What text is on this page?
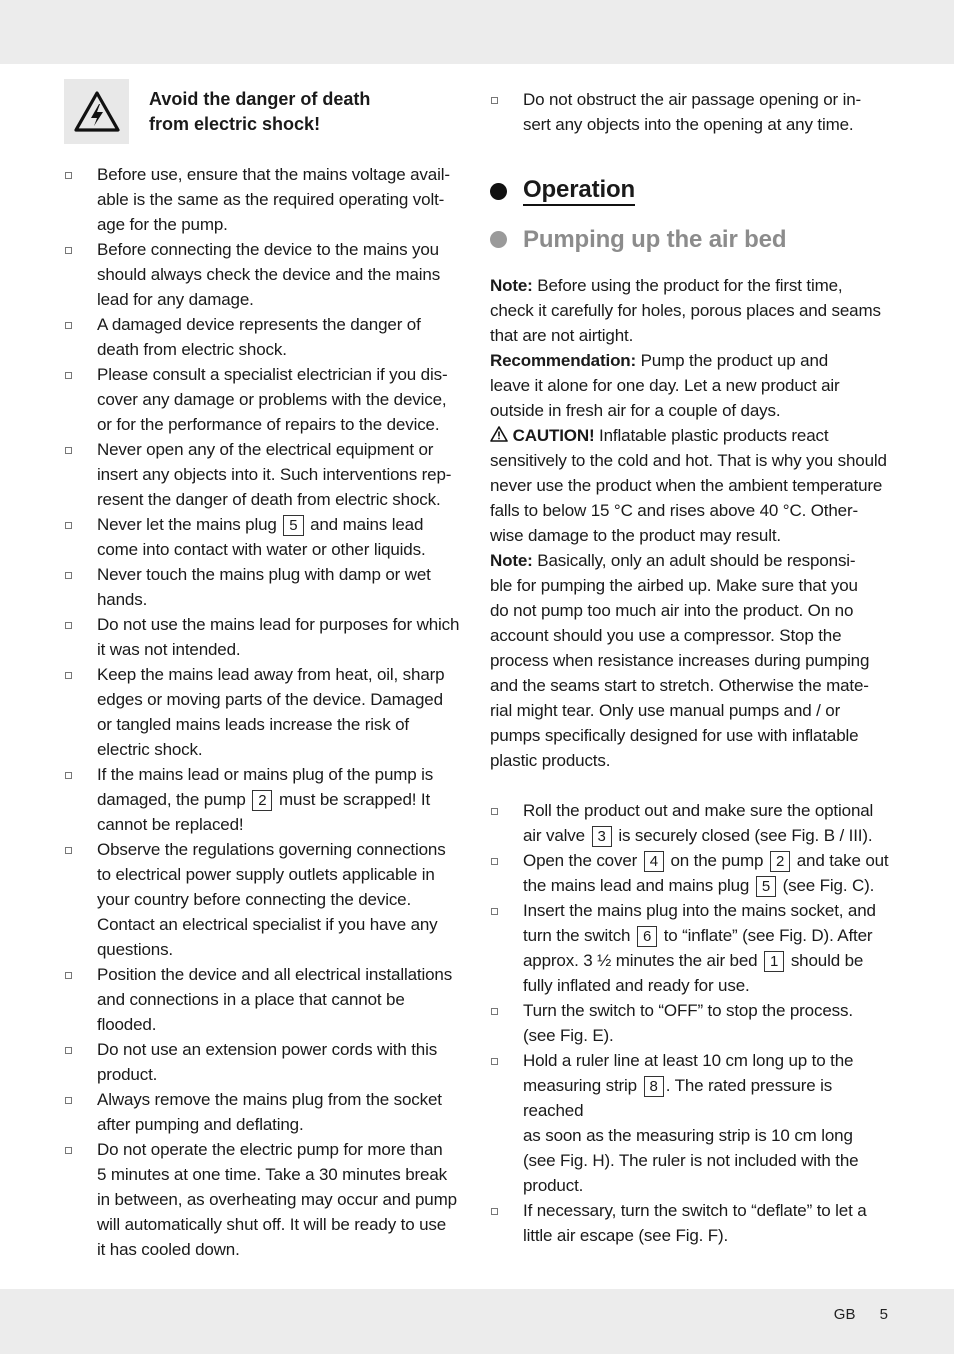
Avoid the danger of death
from electric shock!
Before use, ensure that the mains voltage avail-
able is the same as the required operating volt-
age for the pump.
Before connecting the device to the mains you
should always check the device and the mains
lead for any damage.
A damaged device represents the danger of
death from electric shock.
Please consult a specialist electrician if you dis-
cover any damage or problems with the device,
or for the performance of repairs to the device.
Never open any of the electrical equipment or
insert any objects into it. Such interventions rep-
resent the danger of death from electric shock.
Never let the mains plug 5 and mains lead
come into contact with water or other liquids.
Never touch the mains plug with damp or wet
hands.
Do not use the mains lead for purposes for which
it was not intended.
Keep the mains lead away from heat, oil, sharp
edges or moving parts of the device. Damaged
or tangled mains leads increase the risk of
electric shock.
If the mains lead or mains plug of the pump is
damaged, the pump 2 must be scrapped! It
cannot be replaced!
Observe the regulations governing connections
to electrical power supply outlets applicable in
your country before connecting the device.
Contact an electrical specialist if you have any
questions.
Position the device and all electrical installations
and connections in a place that cannot be
flooded.
Do not use an extension power cords with this
product.
Always remove the mains plug from the socket
after pumping and deflating.
Do not operate the electric pump for more than
5 minutes at one time. Take a 30 minutes break
in between, as overheating may occur and pump
will automatically shut off. It will be ready to use
it has cooled down.
Do not obstruct the air passage opening or in-
sert any objects into the opening at any time.
Operation
Pumping up the air bed

Note: Before using the product for the first time,
check it carefully for holes, porous places and seams
that are not airtight.

Recommendation: Pump the product up and
leave it alone for one day. Let a new product air
outside in fresh air for a couple of days.

CAUTION! Inflatable plastic products react
sensitively to the cold and hot. That is why you should
never use the product when the ambient temperature
falls to below 15 °C and rises above 40 °C. Other-
wise damage to the product may result.

Note: Basically, only an adult should be responsi-
ble for pumping the airbed up. Make sure that you
do not pump too much air into the product. On no
account should you use a compressor. Stop the
process when resistance increases during pumping
and the seams start to stretch. Otherwise the mate-
rial might tear. Only use manual pumps and / or
pumps specifically designed for use with inflatable
plastic products.

Roll the product out and make sure the optional
air valve 3 is securely closed (see Fig. B / III).
Open the cover 4 on the pump 2 and take out
the mains lead and mains plug 5 (see Fig. C).
Insert the mains plug into the mains socket, and
turn the switch 6 to “inflate” (see Fig. D). After
approx. 3 ½ minutes the air bed 1 should be
fully inflated and ready for use.
Turn the switch to “OFF” to stop the process.
(see Fig. E).
Hold a ruler line at least 10 cm long up to the
measuring strip 8 . The rated pressure is reached
as soon as the measuring strip is 10 cm long
(see Fig. H). The ruler is not included with the
product.
If necessary, turn the switch to “deflate” to let a
little air escape (see Fig. F).
GB 5
